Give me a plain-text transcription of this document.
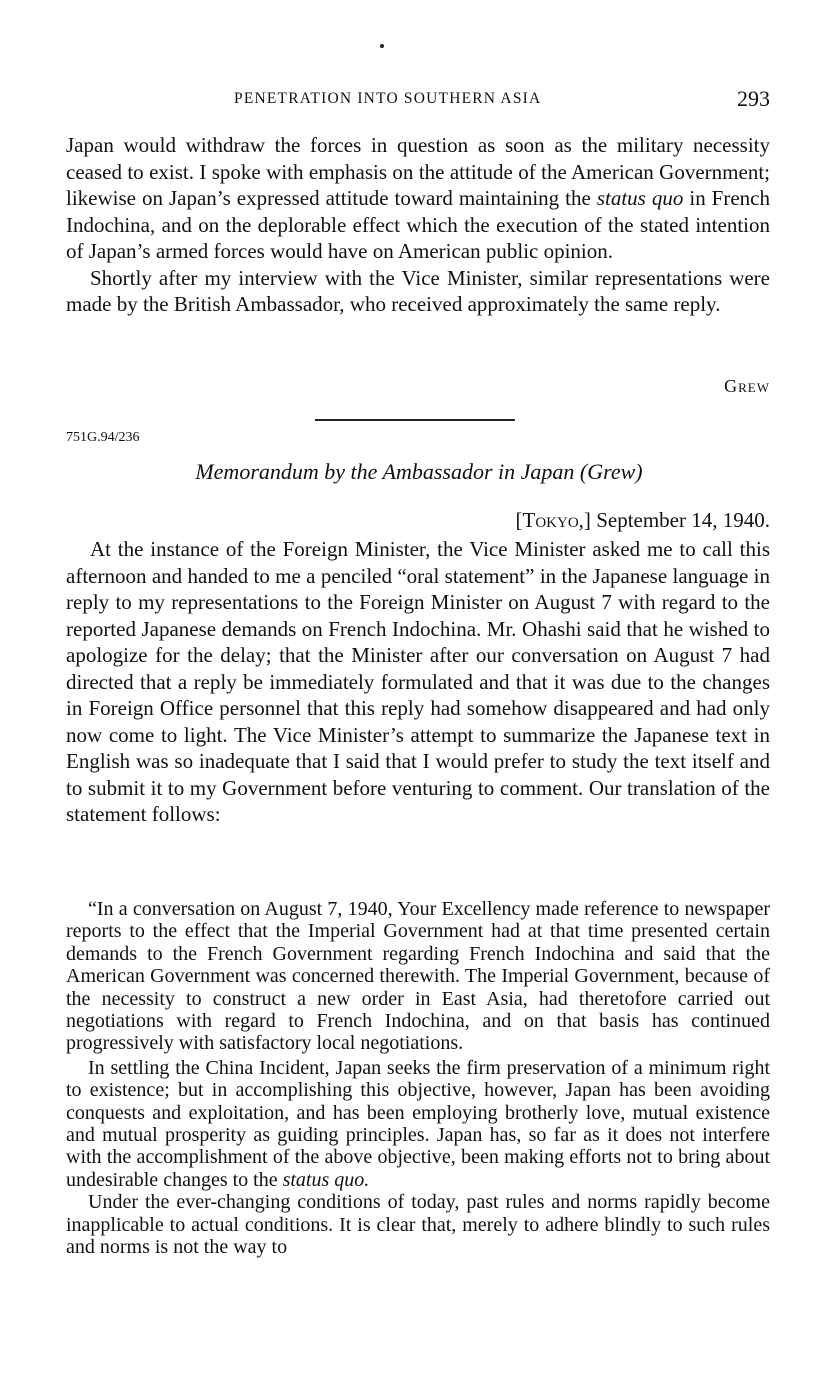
PENETRATION INTO SOUTHERN ASIA	293

Japan would withdraw the forces in question as soon as the military necessity ceased to exist. I spoke with emphasis on the attitude of the American Government; likewise on Japan’s expressed attitude toward maintaining the status quo in French Indochina, and on the deplorable effect which the execution of the stated intention of Japan’s armed forces would have on American public opinion.

Shortly after my interview with the Vice Minister, similar representations were made by the British Ambassador, who received approximately the same reply.

Grew
751G.94/236
Memorandum by the Ambassador in Japan (Grew)
[Tokyo,] September 14, 1940.

At the instance of the Foreign Minister, the Vice Minister asked me to call this afternoon and handed to me a penciled “oral statement” in the Japanese language in reply to my representations to the Foreign Minister on August 7 with regard to the reported Japanese demands on French Indochina. Mr. Ohashi said that he wished to apologize for the delay; that the Minister after our conversation on August 7 had directed that a reply be immediately formulated and that it was due to the changes in Foreign Office personnel that this reply had somehow disappeared and had only now come to light. The Vice Minister’s attempt to summarize the Japanese text in English was so inadequate that I said that I would prefer to study the text itself and to submit it to my Government before venturing to comment. Our translation of the statement follows:

“In a conversation on August 7, 1940, Your Excellency made reference to newspaper reports to the effect that the Imperial Government had at that time presented certain demands to the French Government regarding French Indochina and said that the American Government was concerned therewith. The Imperial Government, because of the necessity to construct a new order in East Asia, had theretofore carried out negotiations with regard to French Indochina, and on that basis has continued progressively with satisfactory local negotiations.

In settling the China Incident, Japan seeks the firm preservation of a minimum right to existence; but in accomplishing this objective, however, Japan has been avoiding conquests and exploitation, and has been employing brotherly love, mutual existence and mutual prosperity as guiding principles. Japan has, so far as it does not interfere with the accomplishment of the above objective, been making efforts not to bring about undesirable changes to the status quo.

Under the ever-changing conditions of today, past rules and norms rapidly become inapplicable to actual conditions. It is clear that, merely to adhere blindly to such rules and norms is not the way to
